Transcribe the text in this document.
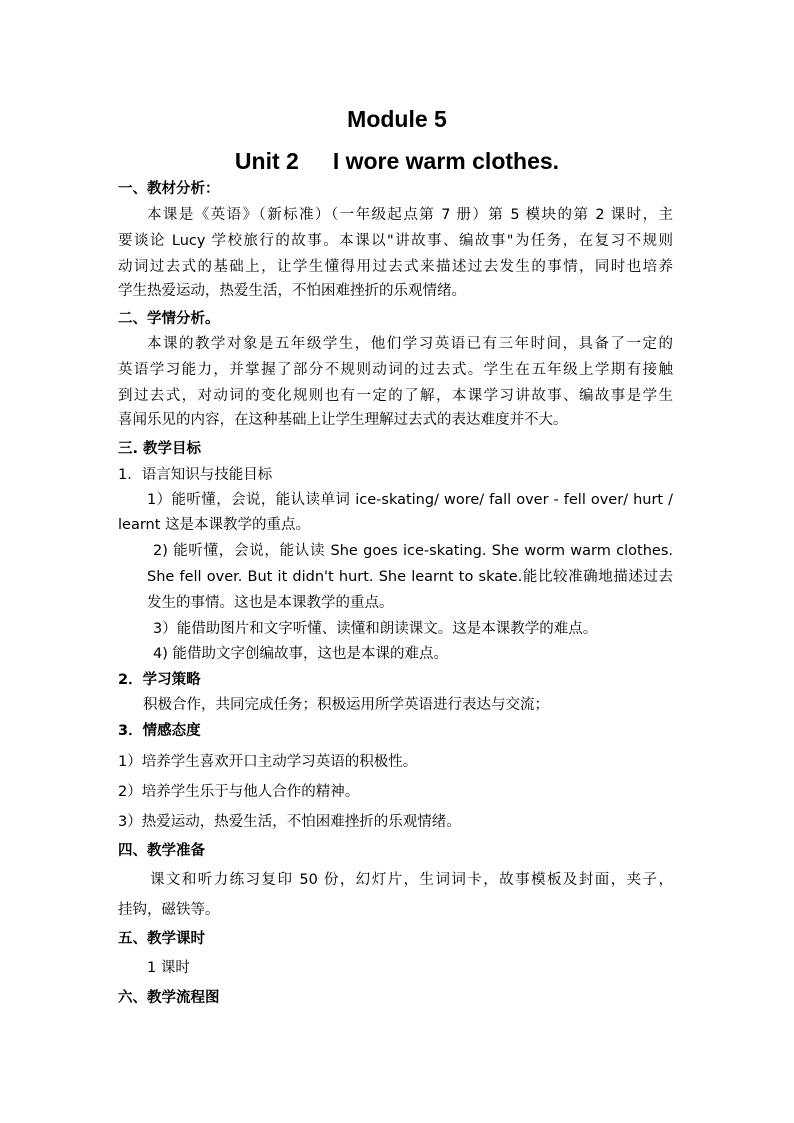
Module 5
Unit 2 I wore warm clothes.
一、教材分析：
本课是《英语》（新标准）（一年级起点第 7 册）第 5 模块的第 2 课时，主
要谈论 Lucy 学校旅行的故事。本课以"讲故事、编故事"为任务，在复习不规则
动词过去式的基础上，让学生懂得用过去式来描述过去发生的事情，同时也培养
学生热爱运动，热爱生活，不怕困难挫折的乐观情绪。
二、学情分析。
本课的教学对象是五年级学生，他们学习英语已有三年时间，具备了一定的
英语学习能力，并掌握了部分不规则动词的过去式。学生在五年级上学期有接触
到过去式，对动词的变化规则也有一定的了解，本课学习讲故事、编故事是学生
喜闻乐见的内容，在这种基础上让学生理解过去式的表达难度并不大。
三. 教学目标
1．语言知识与技能目标
1）能听懂，会说，能认读单词 ice-skating/ wore/ fall over - fell over/ hurt /
learnt 这是本课教学的重点。
2) 能听懂，会说，能认读 She goes ice-skating. She worm warm clothes.
She fell over. But it didn't hurt. She learnt to skate.能比较准确地描述过去
发生的事情。这也是本课教学的重点。
3）能借助图片和文字听懂、读懂和朗读课文。这是本课教学的难点。
4) 能借助文字创编故事，这也是本课的难点。
2．学习策略
积极合作，共同完成任务；积极运用所学英语进行表达与交流；
3．情感态度
1）培养学生喜欢开口主动学习英语的积极性。
2）培养学生乐于与他人合作的精神。
3）热爱运动，热爱生活，不怕困难挫折的乐观情绪。
四、教学准备
课文和听力练习复印 50 份，幻灯片，生词词卡，故事模板及封面，夹子，
挂钩，磁铁等。
五、教学课时
1 课时
六、教学流程图
